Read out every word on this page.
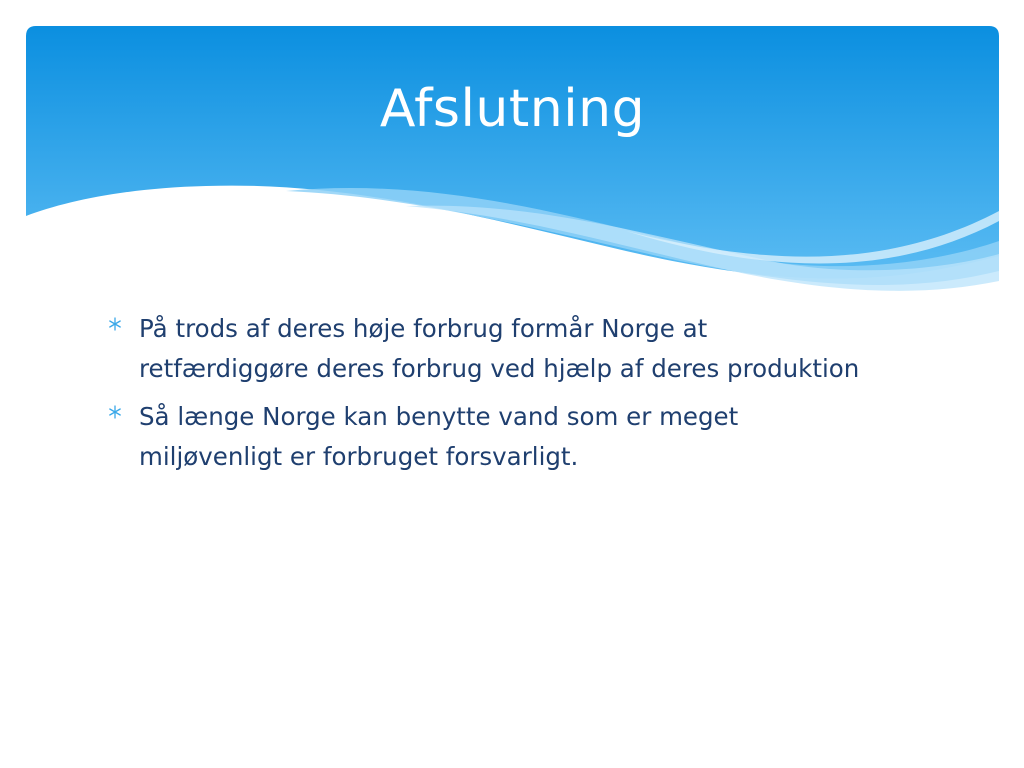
Afslutning
På trods af deres høje forbrug formår Norge at retfærdiggøre deres forbrug ved hjælp af deres produktion
Så længe Norge kan benytte vand som er meget miljøvenligt er forbruget forsvarligt.
